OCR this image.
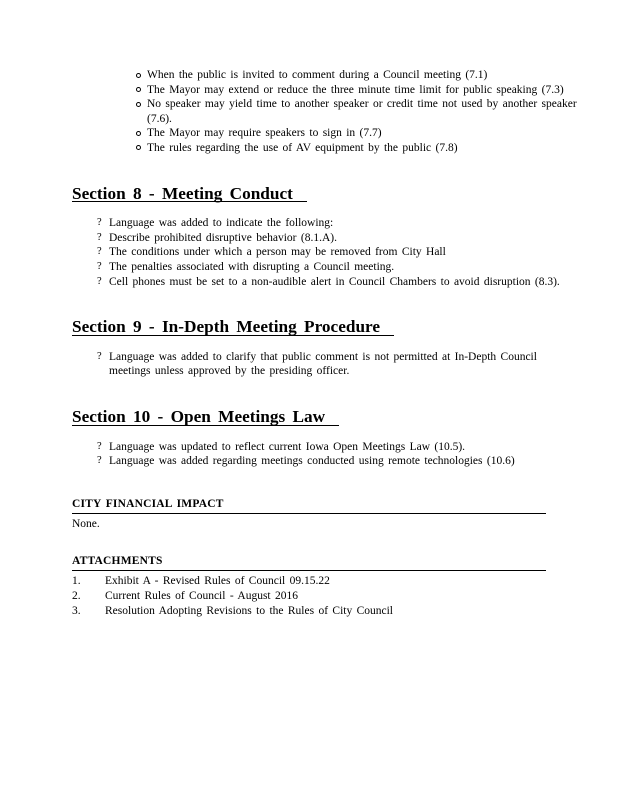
When the public is invited to comment during a Council meeting (7.1)
The Mayor may extend or reduce the three minute time limit for public speaking (7.3)
No speaker may yield time to another speaker or credit time not used by another speaker (7.6).
The Mayor may require speakers to sign in (7.7)
The rules regarding the use of AV equipment by the public (7.8)
Section 8 - Meeting Conduct
? Language was added to indicate the following:
? Describe prohibited disruptive behavior (8.1.A).
? The conditions under which a person may be removed from City Hall
? The penalties associated with disrupting a Council meeting.
? Cell phones must be set to a non-audible alert in Council Chambers to avoid disruption (8.3).
Section 9 - In-Depth Meeting Procedure
? Language was added to clarify that public comment is not permitted at In-Depth Council meetings unless approved by the presiding officer.
Section 10 - Open Meetings Law
? Language was updated to reflect current Iowa Open Meetings Law (10.5).
? Language was added regarding meetings conducted using remote technologies (10.6)
CITY FINANCIAL IMPACT

None.

ATTACHMENTS
1.	Exhibit A - Revised Rules of Council 09.15.22
2.	Current Rules of Council - August 2016
3.	Resolution Adopting Revisions to the Rules of City Council
